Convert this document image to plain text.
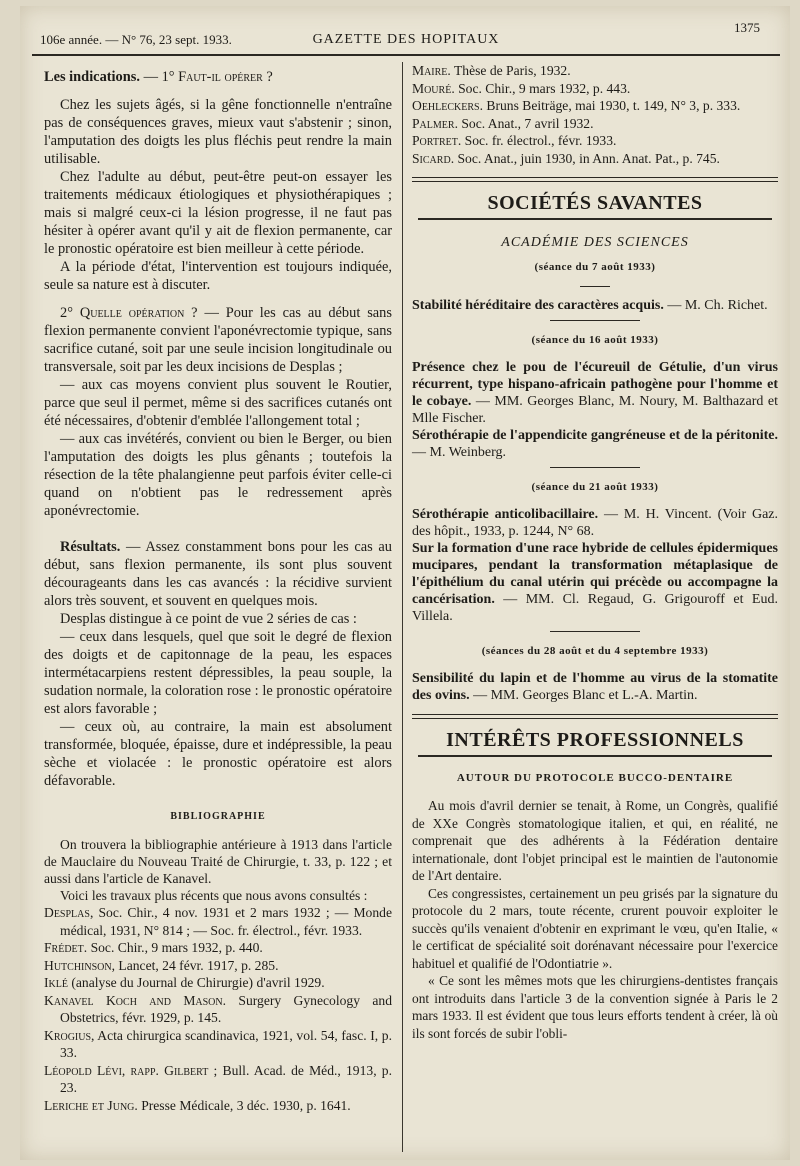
106e année. — N° 76, 23 sept. 1933.	GAZETTE DES HOPITAUX
1375

Les indications. — 1° Faut-il opérer ?

Chez les sujets âgés, si la gêne fonctionnelle n'entraîne pas de conséquences graves, mieux vaut s'abstenir ; sinon, l'amputation des doigts les plus fléchis peut rendre la main utilisable.

Chez l'adulte au début, peut-être peut-on essayer les traitements médicaux étiologiques et physiothérapiques ; mais si malgré ceux-ci la lésion progresse, il ne faut pas hésiter à opérer avant qu'il y ait de flexion permanente, car le pronostic opératoire est bien meilleur à cette période.

A la période d'état, l'intervention est toujours indiquée, seule sa nature est à discuter.

2° Quelle opération ? — Pour les cas au début sans flexion permanente convient l'aponévrectomie typique, sans sacrifice cutané, soit par une seule incision longitudinale ou transversale, soit par les deux incisions de Desplas ;

— aux cas moyens convient plus souvent le Routier, parce que seul il permet, même si des sacrifices cutanés ont été nécessaires, d'obtenir d'emblée l'allongement total ;

— aux cas invétérés, convient ou bien le Berger, ou bien l'amputation des doigts les plus gênants ; toutefois la résection de la tête phalangienne peut parfois éviter celle-ci quand on n'obtient pas le redressement après aponévrectomie.

Résultats. — Assez constamment bons pour les cas au début, sans flexion permanente, ils sont plus souvent décourageants dans les cas avancés : la récidive survient alors très souvent, et souvent en quelques mois.

Desplas distingue à ce point de vue 2 séries de cas :

— ceux dans lesquels, quel que soit le degré de flexion des doigts et de capitonnage de la peau, les espaces intermétacarpiens restent dépressibles, la peau souple, la sudation normale, la coloration rose : le pronostic opératoire est alors favorable ;

— ceux où, au contraire, la main est absolument transformée, bloquée, épaisse, dure et indépressible, la peau sèche et violacée : le pronostic opératoire est alors défavorable.

BIBLIOGRAPHIE

On trouvera la bibliographie antérieure à 1913 dans l'article de Mauclaire du Nouveau Traité de Chirurgie, t. 33, p. 122 ; et aussi dans l'article de Kanavel.

Voici les travaux plus récents que nous avons consultés :

Desplas, Soc. Chir., 4 nov. 1931 et 2 mars 1932 ; — Monde médical, 1931, N° 814 ; — Soc. fr. électrol., févr. 1933.

Frédet. Soc. Chir., 9 mars 1932, p. 440.

Hutchinson, Lancet, 24 févr. 1917, p. 285.

Iklé (analyse du Journal de Chirurgie) d'avril 1929.

Kanavel Koch and Mason. Surgery Gynecology and Obstetrics, févr. 1929, p. 145.

Krogius, Acta chirurgica scandinavica, 1921, vol. 54, fasc. I, p. 33.

Léopold Lévi, rapp. Gilbert ; Bull. Acad. de Méd., 1913, p. 23.

Leriche et Jung. Presse Médicale, 3 déc. 1930, p. 1641.

Maire. Thèse de Paris, 1932.

Mouré. Soc. Chir., 9 mars 1932, p. 443.

Oehleckers. Bruns Beiträge, mai 1930, t. 149, N° 3, p. 333.

Palmer. Soc. Anat., 7 avril 1932.

Portret. Soc. fr. électrol., févr. 1933.

Sicard. Soc. Anat., juin 1930, in Ann. Anat. Pat., p. 745.

SOCIÉTÉS SAVANTES
ACADÉMIE DES SCIENCES
(séance du 7 août 1933)

Stabilité héréditaire des caractères acquis. — M. Ch. Richet.

(séance du 16 août 1933)

Présence chez le pou de l'écureuil de Gétulie, d'un virus récurrent, type hispano-africain pathogène pour l'homme et le cobaye. — MM. Georges Blanc, M. Noury, M. Balthazard et Mlle Fischer.

Sérothérapie de l'appendicite gangréneuse et de la péritonite. — M. Weinberg.

(séance du 21 août 1933)

Sérothérapie anticolibacillaire. — M. H. Vincent. (Voir Gaz. des hôpit., 1933, p. 1244, N° 68.

Sur la formation d'une race hybride de cellules épidermiques mucipares, pendant la transformation métaplasique de l'épithélium du canal utérin qui précède ou accompagne la cancérisation. — MM. Cl. Regaud, G. Grigouroff et Eud. Villela.

(séances du 28 août et du 4 septembre 1933)

Sensibilité du lapin et de l'homme au virus de la stomatite des ovins. — MM. Georges Blanc et L.-A. Martin.

INTÉRÊTS PROFESSIONNELS
AUTOUR DU PROTOCOLE BUCCO-DENTAIRE

Au mois d'avril dernier se tenait, à Rome, un Congrès, qualifié de XXe Congrès stomatologique italien, et qui, en réalité, ne comprenait que des adhérents à la Fédération dentaire internationale, dont l'objet principal est le maintien de l'autonomie de l'Art dentaire.

Ces congressistes, certainement un peu grisés par la signature du protocole du 2 mars, toute récente, crurent pouvoir exploiter le succès qu'ils venaient d'obtenir en exprimant le vœu, qu'en Italie, « le certificat de spécialité soit dorénavant nécessaire pour l'exercice habituel et qualifié de l'Odontiatrie ».

« Ce sont les mêmes mots que les chirurgiens-dentistes français ont introduits dans l'article 3 de la convention signée à Paris le 2 mars 1933. Il est évident que tous leurs efforts tendent à créer, là où ils sont forcés de subir l'obli-
